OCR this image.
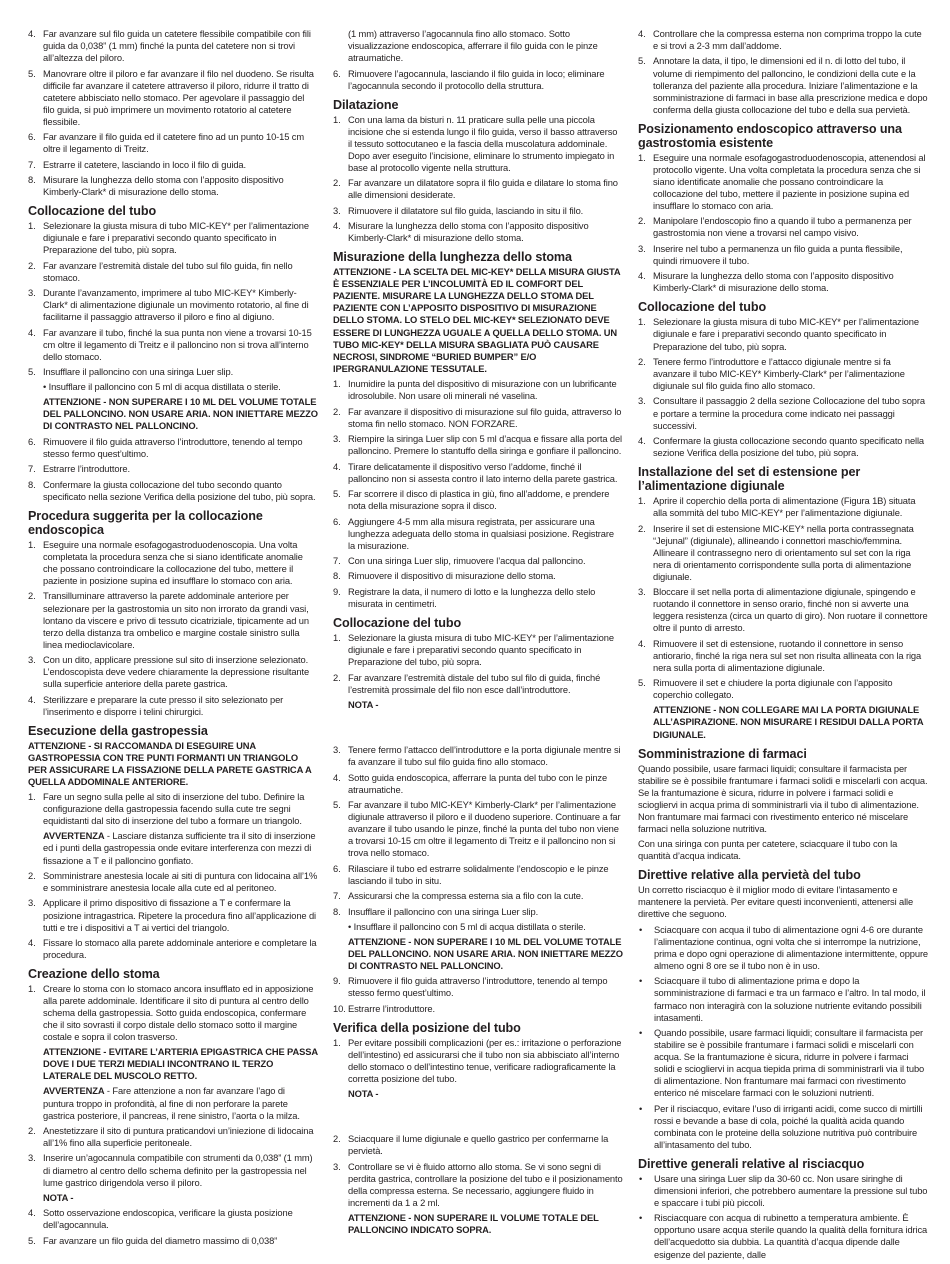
4. Far avanzare sul filo guida un catetere flessibile compatibile con fili guida da 0,038” (1 mm) finché la punta del catetere non si trovi all’altezza del piloro.
5. Manovrare oltre il piloro e far avanzare il filo nel duodeno. Se risulta difficile far avanzare il catetere attraverso il piloro, ridurre il tratto di catetere abbisciato nello stomaco. Per agevolare il passaggio del filo guida, si può imprimere un movimento rotatorio al catetere flessibile.
6. Far avanzare il filo guida ed il catetere fino ad un punto 10-15 cm oltre il legamento di Treitz.
7. Estrarre il catetere, lasciando in loco il filo di guida.
8. Misurare la lunghezza dello stoma con l’apposito dispositivo Kimberly-Clark* di misurazione dello stoma.
Collocazione del tubo
1. Selezionare la giusta misura di tubo MIC-KEY* per l’alimentazione digiunale e fare i preparativi secondo quanto specificato in Preparazione del tubo, più sopra.
2. Far avanzare l’estremità distale del tubo sul filo guida, fin nello stomaco.
3. Durante l’avanzamento, imprimere al tubo MIC-KEY* Kimberly-Clark* di alimentazione digiunale un movimento rotatorio, al fine di facilitarne il passaggio attraverso il piloro e fino al digiuno.
4. Far avanzare il tubo, finché la sua punta non viene a trovarsi 10-15 cm oltre il legamento di Treitz e il palloncino non si trova all’interno dello stomaco.
5. Insufflare il palloncino con una siringa Luer slip.
• Insufflare il palloncino con 5 ml di acqua distillata o sterile.
ATTENZIONE - NON SUPERARE I 10 ML DEL VOLUME TOTALE DEL PALLONCINO. NON USARE ARIA. NON INIETTARE MEZZO DI CONTRASTO NEL PALLONCINO.
6. Rimuovere il filo guida attraverso l’introduttore, tenendo al tempo stesso fermo quest’ultimo.
7. Estrarre l’introduttore.
8. Confermare la giusta collocazione del tubo secondo quanto specificato nella sezione Verifica della posizione del tubo, più sopra.
Procedura suggerita per la collocazione endoscopica
1. Eseguire una normale esofagogastroduodenoscopia. Una volta completata la procedura senza che si siano identificate anomalie che possano controindicare la collocazione del tubo, mettere il paziente in posizione supina ed insufflare lo stomaco con aria.
2. Transilluminare attraverso la parete addominale anteriore per selezionare per la gastrostomia un sito non irrorato da grandi vasi, lontano da viscere e privo di tessuto cicatriziale, tipicamente ad un terzo della distanza tra ombelico e margine costale sinistro sulla linea medioclavicolare.
3. Con un dito, applicare pressione sul sito di inserzione selezionato. L’endoscopista deve vedere chiaramente la depressione risultante sulla superficie anteriore della parete gastrica.
4. Sterilizzare e preparare la cute presso il sito selezionato per l’inserimento e disporre i telini chirurgici.
Esecuzione della gastropessia
ATTENZIONE - SI RACCOMANDA DI ESEGUIRE UNA GASTROPESSIA CON TRE PUNTI FORMANTI UN TRIANGOLO PER ASSICURARE LA FISSAZIONE DELLA PARETE GASTRICA A QUELLA ADDOMINALE ANTERIORE.
1. Fare un segno sulla pelle al sito di inserzione del tubo. Definire la configurazione della gastropessia facendo sulla cute tre segni equidistanti dal sito di inserzione del tubo a formare un triangolo.
AVVERTENZA - Lasciare distanza sufficiente tra il sito di inserzione ed i punti della gastropessia onde evitare interferenza con mezzi di fissazione a T e il palloncino gonfiato.
2. Somministrare anestesia locale ai siti di puntura con lidocaina all’1% e somministrare anestesia locale alla cute ed al peritoneo.
3. Applicare il primo dispositivo di fissazione a T e confermare la posizione intragastrica. Ripetere la procedura fino all’applicazione di tutti e tre i dispositivi a T ai vertici del triangolo.
4. Fissare lo stomaco alla parete addominale anteriore e completare la procedura.
Creazione dello stoma
1. Creare lo stoma con lo stomaco ancora insufflato ed in apposizione alla parete addominale. Identificare il sito di puntura al centro dello schema della gastropessia. Sotto guida endoscopica, confermare che il sito sovrasti il corpo distale dello stomaco sotto il margine costale e sopra il colon trasverso.
ATTENZIONE - EVITARE L’ARTERIA EPIGASTRICA CHE PASSA DOVE I DUE TERZI MEDIALI INCONTRANO IL TERZO LATERALE DEL MUSCOLO RETTO.
AVVERTENZA - Fare attenzione a non far avanzare l’ago di puntura troppo in profondità, al fine di non perforare la parete gastrica posteriore, il pancreas, il rene sinistro, l’aorta o la milza.
2. Anestetizzare il sito di puntura praticandovi un’iniezione di lidocaina all’1% fino alla superficie peritoneale.
3. Inserire un’agocannula compatibile con strumenti da 0,038” (1 mm) di diametro al centro dello schema definito per la gastropessia nel lume gastrico dirigendola verso il piloro.
NOTA -
4. Sotto osservazione endoscopica, verificare la giusta posizione dell’agocannula.
5. Far avanzare un filo guida del diametro massimo di 0,038”
(1 mm) attraverso l’agocannula fino allo stomaco. Sotto visualizzazione endoscopica, afferrare il filo guida con le pinze atraumatiche.
6. Rimuovere l’agocannula, lasciando il filo guida in loco; eliminare l’agocannula secondo il protocollo della struttura.
Dilatazione
1. Con una lama da bisturi n. 11 praticare sulla pelle una piccola incisione che si estenda lungo il filo guida, verso il basso attraverso il tessuto sottocutaneo e la fascia della muscolatura addominale. Dopo aver eseguito l’incisione, eliminare lo strumento impiegato in base al protocollo vigente nella struttura.
2. Far avanzare un dilatatore sopra il filo guida e dilatare lo stoma fino alle dimensioni desiderate.
3. Rimuovere il dilatatore sul filo guida, lasciando in situ il filo.
4. Misurare la lunghezza dello stoma con l’apposito dispositivo Kimberly-Clark* di misurazione dello stoma.
Misurazione della lunghezza dello stoma
ATTENZIONE - LA SCELTA DEL MIC-KEY* DELLA MISURA GIUSTA È ESSENZIALE PER L’INCOLUMITÀ ED IL COMFORT DEL PAZIENTE. MISURARE LA LUNGHEZZA DELLO STOMA DEL PAZIENTE CON L’APPOSITO DISPOSITIVO DI MISURAZIONE DELLO STOMA. LO STELO DEL MIC-KEY* SELEZIONATO DEVE ESSERE DI LUNGHEZZA UGUALE A QUELLA DELLO STOMA. UN TUBO MIC-KEY* DELLA MISURA SBAGLIATA PUÒ CAUSARE NECROSI, SINDROME “BURIED BUMPER” E/O IPERGRANULAZIONE TESSUTALE.
1. Inumidire la punta del dispositivo di misurazione con un lubrificante idrosolubile. Non usare oli minerali né vaselina.
2. Far avanzare il dispositivo di misurazione sul filo guida, attraverso lo stoma fin nello stomaco. NON FORZARE.
3. Riempire la siringa Luer slip con 5 ml d’acqua e fissare alla porta del palloncino. Premere lo stantuffo della siringa e gonfiare il palloncino.
4. Tirare delicatamente il dispositivo verso l’addome, finché il palloncino non si assesta contro il lato interno della parete gastrica.
5. Far scorrere il disco di plastica in giù, fino all’addome, e prendere nota della misurazione sopra il disco.
6. Aggiungere 4-5 mm alla misura registrata, per assicurare una lunghezza adeguata dello stoma in qualsiasi posizione. Registrare la misurazione.
7. Con una siringa Luer slip, rimuovere l’acqua dal palloncino.
8. Rimuovere il dispositivo di misurazione dello stoma.
9. Registrare la data, il numero di lotto e la lunghezza dello stelo misurata in centimetri.
Collocazione del tubo
1. Selezionare la giusta misura di tubo MIC-KEY* per l’alimentazione digiunale e fare i preparativi secondo quanto specificato in Preparazione del tubo, più sopra.
2. Far avanzare l’estremità distale del tubo sul filo di guida, finché l’estremità prossimale del filo non esce dall’introduttore.
NOTA -
3. Tenere fermo l’attacco dell’introduttore e la porta digiunale mentre si fa avanzare il tubo sul filo guida fino allo stomaco.
4. Sotto guida endoscopica, afferrare la punta del tubo con le pinze atraumatiche.
5. Far avanzare il tubo MIC-KEY* Kimberly-Clark* per l’alimentazione digiunale attraverso il piloro e il duodeno superiore. Continuare a far avanzare il tubo usando le pinze, finché la punta del tubo non viene a trovarsi 10-15 cm oltre il legamento di Treitz e il palloncino non si trova nello stomaco.
6. Rilasciare il tubo ed estrarre solidalmente l’endoscopio e le pinze lasciando il tubo in situ.
7. Assicurarsi che la compressa esterna sia a filo con la cute.
8. Insufflare il palloncino con una siringa Luer slip.
• Insufflare il palloncino con 5 ml di acqua distillata o sterile.
ATTENZIONE - NON SUPERARE I 10 ML DEL VOLUME TOTALE DEL PALLONCINO. NON USARE ARIA. NON INIETTARE MEZZO DI CONTRASTO NEL PALLONCINO.
9. Rimuovere il filo guida attraverso l’introduttore, tenendo al tempo stesso fermo quest’ultimo.
10. Estrarre l’introduttore.
Verifica della posizione del tubo
1. Per evitare possibili complicazioni (per es.: irritazione o perforazione dell’intestino) ed assicurarsi che il tubo non sia abbisciato all’interno dello stomaco o dell’intestino tenue, verificare radiograficamente la corretta posizione del tubo.
NOTA -
2. Sciacquare il lume digiunale e quello gastrico per confermarne la pervietà.
3. Controllare se vi è fluido attorno allo stoma. Se vi sono segni di perdita gastrica, controllare la posizione del tubo e il posizionamento della compressa esterna. Se necessario, aggiungere fluido in incrementi da 1 a 2 ml.
ATTENZIONE - NON SUPERARE IL VOLUME TOTALE DEL PALLONCINO INDICATO SOPRA.
4. Controllare che la compressa esterna non comprima troppo la cute e si trovi a 2-3 mm dall’addome.
5. Annotare la data, il tipo, le dimensioni ed il n. di lotto del tubo, il volume di riempimento del palloncino, le condizioni della cute e la tolleranza del paziente alla procedura. Iniziare l’alimentazione e la somministrazione di farmaci in base alla prescrizione medica e dopo conferma della giusta collocazione del tubo e della sua pervietà.
Posizionamento endoscopico attraverso una gastrostomia esistente
1. Eseguire una normale esofagogastroduodenoscopia, attenendosi al protocollo vigente. Una volta completata la procedura senza che si siano identificate anomalie che possano controindicare la collocazione del tubo, mettere il paziente in posizione supina ed insufflare lo stomaco con aria.
2. Manipolare l’endoscopio fino a quando il tubo a permanenza per gastrostomia non viene a trovarsi nel campo visivo.
3. Inserire nel tubo a permanenza un filo guida a punta flessibile, quindi rimuovere il tubo.
4. Misurare la lunghezza dello stoma con l’apposito dispositivo Kimberly-Clark* di misurazione dello stoma.
Collocazione del tubo
1. Selezionare la giusta misura di tubo MIC-KEY* per l’alimentazione digiunale e fare i preparativi secondo quanto specificato in Preparazione del tubo, più sopra.
2. Tenere fermo l’introduttore e l’attacco digiunale mentre si fa avanzare il tubo MIC-KEY* Kimberly-Clark* per l’alimentazione digiunale sul filo guida fino allo stomaco.
3. Consultare il passaggio 2 della sezione Collocazione del tubo sopra e portare a termine la procedura come indicato nei passaggi successivi.
4. Confermare la giusta collocazione secondo quanto specificato nella sezione Verifica della posizione del tubo, più sopra.
Installazione del set di estensione per l’alimentazione digiunale
1. Aprire il coperchio della porta di alimentazione (Figura 1B) situata alla sommità del tubo MIC-KEY* per l’alimentazione digiunale.
2. Inserire il set di estensione MIC-KEY* nella porta contrassegnata “Jejunal” (digiunale), allineando i connettori maschio/femmina. Allineare il contrassegno nero di orientamento sul set con la riga nera di orientamento corrispondente sulla porta di alimentazione digiunale.
3. Bloccare il set nella porta di alimentazione digiunale, spingendo e ruotando il connettore in senso orario, finché non si avverte una leggera resistenza (circa un quarto di giro). Non ruotare il connettore oltre il punto di arresto.
4. Rimuovere il set di estensione, ruotando il connettore in senso antiorario, finché la riga nera sul set non risulta allineata con la riga nera sulla porta di alimentazione digiunale.
5. Rimuovere il set e chiudere la porta digiunale con l’apposito coperchio collegato.
ATTENZIONE - NON COLLEGARE MAI LA PORTA DIGIUNALE ALL’ASPIRAZIONE. NON MISURARE I RESIDUI DALLA PORTA DIGIUNALE.
Somministrazione di farmaci
Quando possibile, usare farmaci liquidi; consultare il farmacista per stabilire se è possibile frantumare i farmaci solidi e miscelarli con acqua. Se la frantumazione è sicura, ridurre in polvere i farmaci solidi e sciogliervi in acqua prima di somministrarli via il tubo di alimentazione. Non frantumare mai farmaci con rivestimento enterico né miscelare farmaci nella soluzione nutritiva.
Con una siringa con punta per catetere, sciacquare il tubo con la quantità d’acqua indicata.
Direttive relative alla pervietà del tubo
Un corretto risciacquo è il miglior modo di evitare l’intasamento e mantenere la pervietà. Per evitare questi inconvenienti, attenersi alle direttive che seguono.
•	Sciacquare con acqua il tubo di alimentazione ogni 4-6 ore durante l’alimentazione continua, ogni volta che si interrompe la nutrizione, prima e dopo ogni operazione di alimentazione intermittente, oppure almeno ogni 8 ore se il tubo non è in uso.
•	Sciacquare il tubo di alimentazione prima e dopo la somministrazione di farmaci e tra un farmaco e l’altro. In tal modo, il farmaco non interagirà con la soluzione nutriente evitando possibili intasamenti.
•	Quando possibile, usare farmaci liquidi; consultare il farmacista per stabilire se è possibile frantumare i farmaci solidi e miscelarli con acqua. Se la frantumazione è sicura, ridurre in polvere i farmaci solidi e sciogliervi in acqua tiepida prima di somministrarli via il tubo di alimentazione. Non frantumare mai farmaci con rivestimento enterico né miscelare farmaci con le soluzioni nutrienti.
•	Per il risciacquo, evitare l’uso di irriganti acidi, come succo di mirtilli rossi e bevande a base di cola, poiché la qualità acida quando combinata con le proteine della soluzione nutritiva può contribuire all’intasamento del tubo.
Direttive generali relative al risciacquo
•	Usare una siringa Luer slip da 30-60 cc. Non usare siringhe di dimensioni inferiori, che potrebbero aumentare la pressione sul tubo e spaccare i tubi più piccoli.
•	Risciacquare con acqua di rubinetto a temperatura ambiente. È opportuno usare acqua sterile quando la qualità della fornitura idrica dell’acquedotto sia dubbia. La quantità d’acqua dipende dalle esigenze del paziente, dalle
